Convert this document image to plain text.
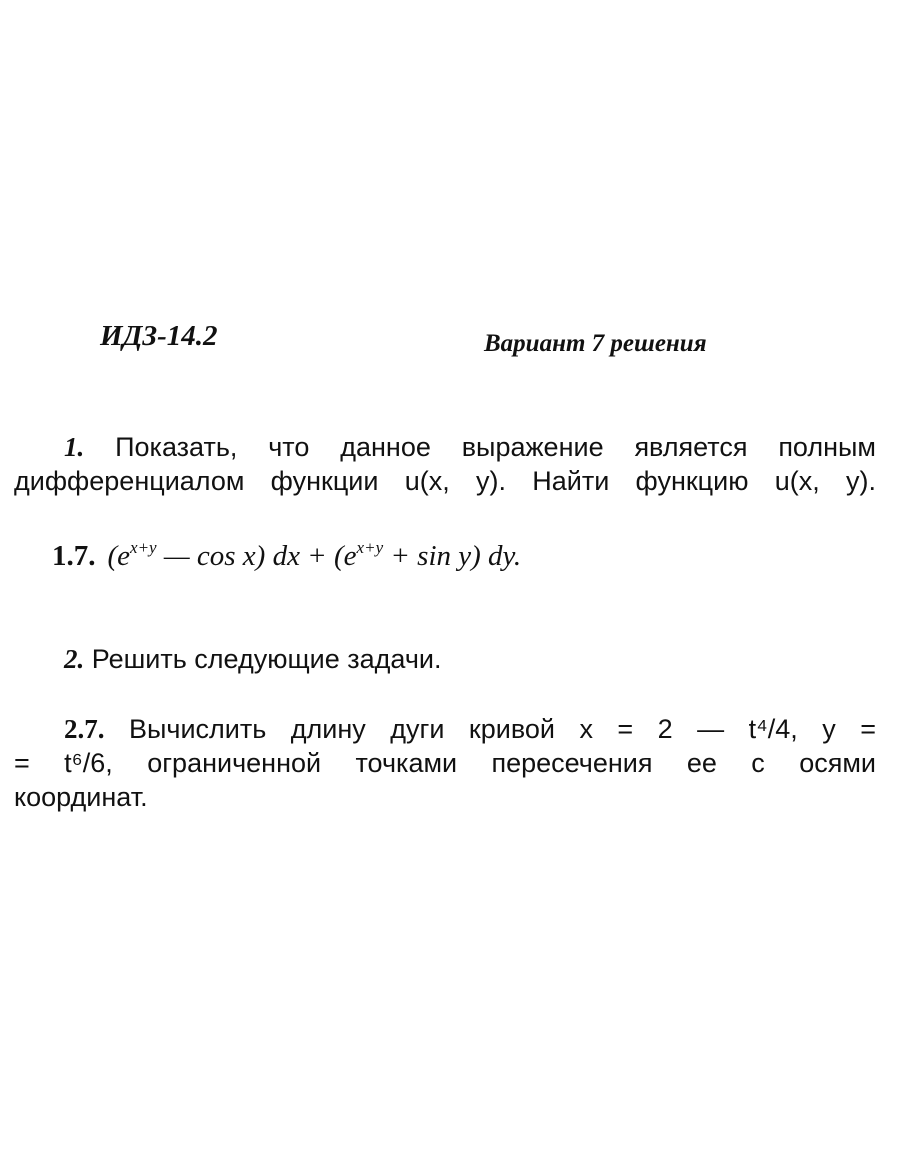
ИДЗ-14.2	Вариант 7 решения
1. Показать, что данное выражение является полным
дифференциалом функции u(x, y). Найти функцию u(x, y).
1.7. ($e^{x+y}$ — cos x) dx + $(e^{x+y} + \sin y)$ dy.
2. Решить следующие задачи.
2.7. Вычислить длину дуги кривой x = 2 — t⁴/4, y =
= t⁶/6, ограниченной точками пересечения ее с осями
координат.
